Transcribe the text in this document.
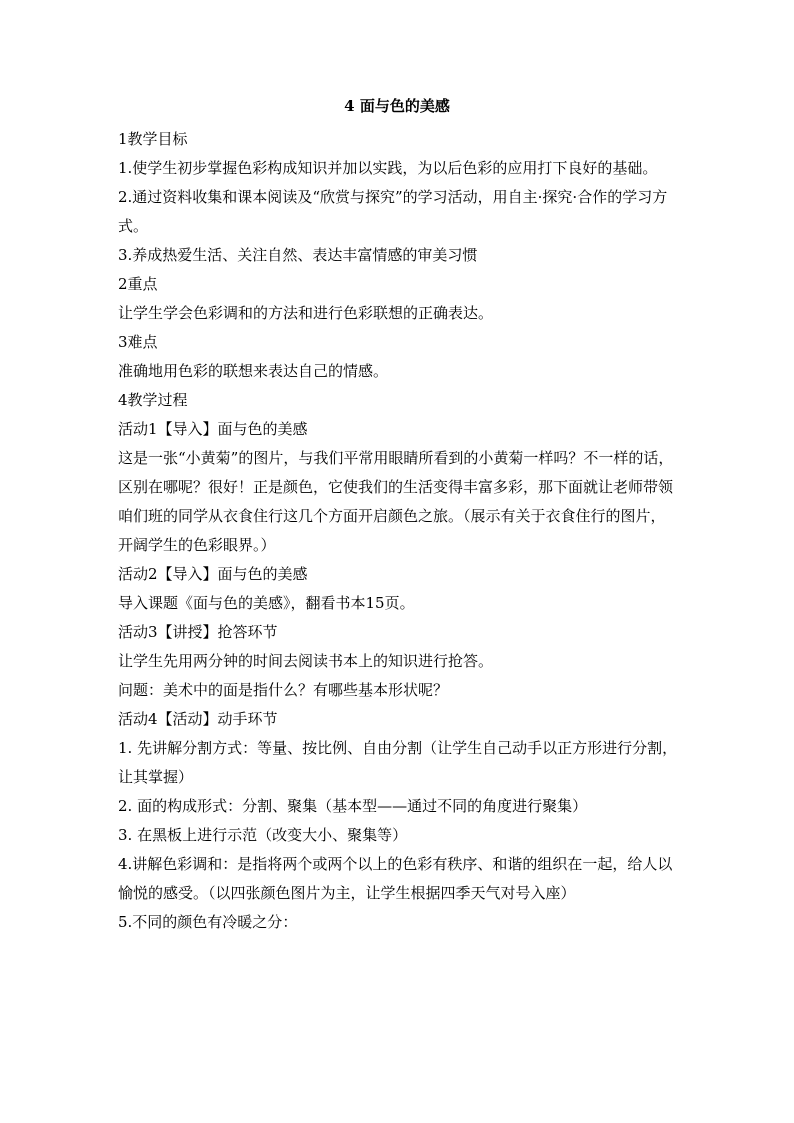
4 面与色的美感

1教学目标

1.使学生初步掌握色彩构成知识并加以实践，为以后色彩的应用打下良好的基础。

2.通过资料收集和课本阅读及“欣赏与探究”的学习活动，用自主·探究·合作的学习方式。

3.养成热爱生活、关注自然、表达丰富情感的审美习惯

2重点

让学生学会色彩调和的方法和进行色彩联想的正确表达。

3难点

准确地用色彩的联想来表达自己的情感。

4教学过程

活动1【导入】面与色的美感

这是一张“小黄菊”的图片，与我们平常用眼睛所看到的小黄菊一样吗？不一样的话，区别在哪呢？很好！正是颜色，它使我们的生活变得丰富多彩，那下面就让老师带领咱们班的同学从衣食住行这几个方面开启颜色之旅。（展示有关于衣食住行的图片，开阔学生的色彩眼界。）

活动2【导入】面与色的美感

导入课题《面与色的美感》，翻看书本15页。

活动3【讲授】抢答环节

让学生先用两分钟的时间去阅读书本上的知识进行抢答。

问题：美术中的面是指什么？有哪些基本形状呢？

活动4【活动】动手环节

1. 先讲解分割方式：等量、按比例、自由分割（让学生自己动手以正方形进行分割，让其掌握）

2. 面的构成形式：分割、聚集（基本型——通过不同的角度进行聚集）

3. 在黑板上进行示范（改变大小、聚集等）

4.讲解色彩调和：是指将两个或两个以上的色彩有秩序、和谐的组织在一起，给人以愉悦的感受。（以四张颜色图片为主，让学生根据四季天气对号入座）

5.不同的颜色有冷暖之分：
